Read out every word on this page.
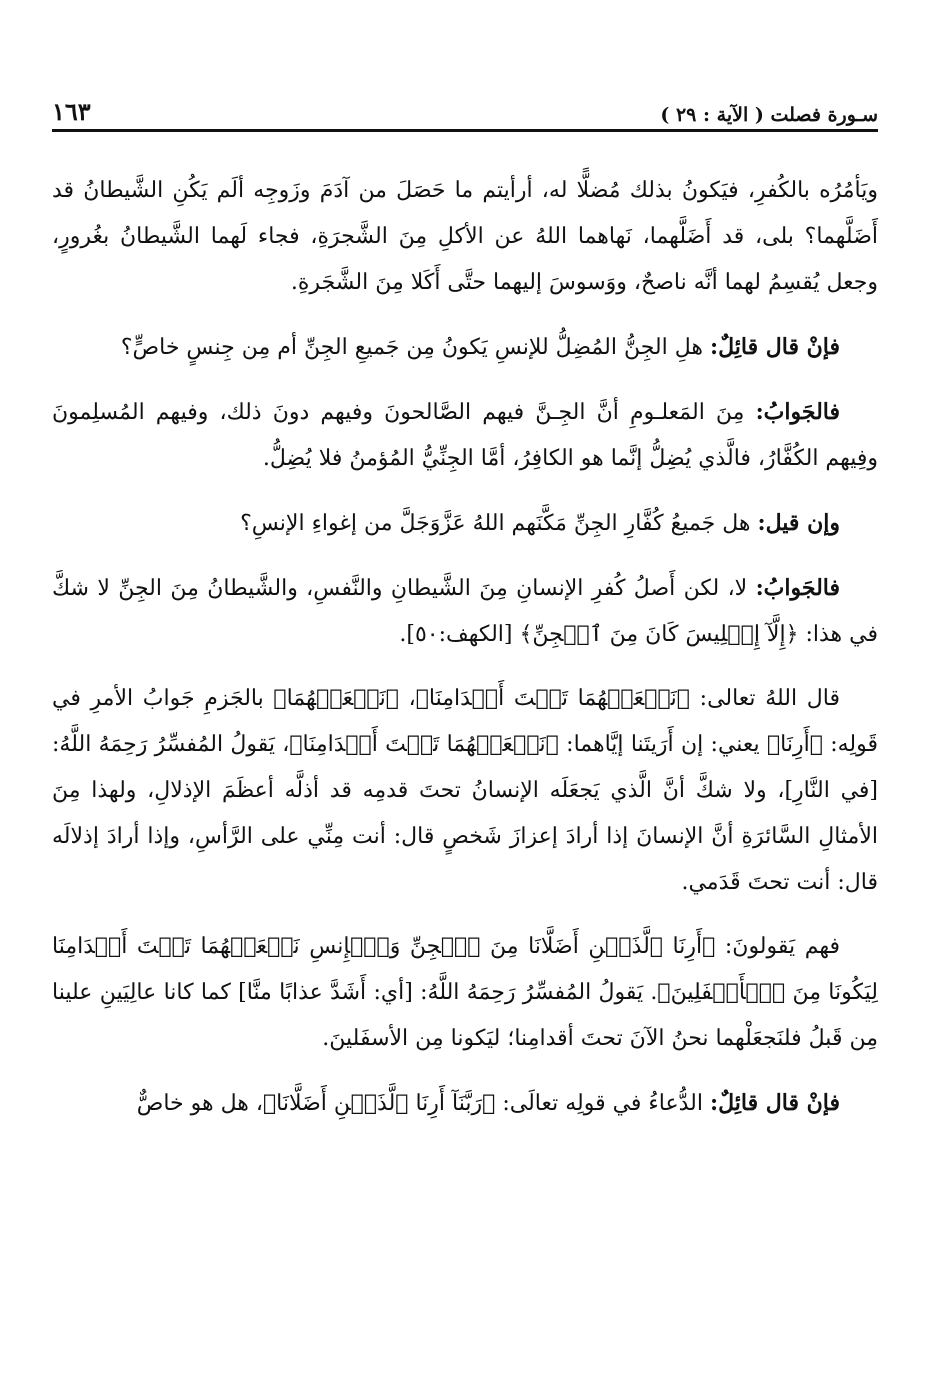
سـورة فصلت ( الآية : ٢٩ )
١٦٣

ويَأمُرُه بالكُفرِ، فيَكونُ بذلك مُضلًّا له، أرأيتم ما حَصَلَ من آدَمَ وزَوجِه ألَم يَكُنِ الشَّيطانُ قد أَضَلَّهما؟ بلى، قد أَضَلَّهما، نَهاهما اللهُ عن الأكلِ مِنَ الشَّجرَةِ، فجاء لَهما الشَّيطانُ بغُرورٍ، وجعل يُقسِمُ لهما أنَّه ناصحٌ، ووَسوسَ إليهما حتَّى أَكَلا مِنَ الشَّجَرةِ.

فإنْ قال قائِلٌ: هلِ الجِنُّ المُضِلُّ للإنسِ يَكونُ مِن جَميعِ الجِنِّ أم مِن جِنسٍ خاصٍّ؟

فالجَوابُ: مِنَ المَعلـومِ أنَّ الجِـنَّ فيهم الصَّالحونَ وفيهم دونَ ذلك، وفيهم المُسلِمونَ وفِيهم الكُفَّارُ، فالَّذي يُضِلُّ إنَّما هو الكافِرُ، أمَّا الجِنِّيُّ المُؤمنُ فلا يُضِلُّ.

وإن قيل: هل جَميعُ كُفَّارِ الجِنِّ مَكَّنَهم اللهُ عَزَّوَجَلَّ من إغواءِ الإنسِ؟

فالجَوابُ: لا، لكن أَصلُ كُفرِ الإنسانِ مِنَ الشَّيطانِ والنَّفسِ، والشَّيطانُ مِنَ الجِنِّ لا شكَّ في هذا: ﴿إِلَّآ إِبۡلِيسَ كَانَ مِنَ ٱلۡجِنِّ﴾ [الكهف:٥٠].

قال اللهُ تعالى: ﴿نَجۡعَلۡهُمَا تَحۡتَ أَقۡدَامِنَا﴾، ﴿نَجۡعَلۡهُمَا﴾ بالجَزمِ جَوابُ الأمرِ في قَولِه: ﴿أَرِنَا﴾ يعني: إن أَرَيتَنا إيَّاهما: ﴿نَجۡعَلۡهُمَا تَحۡتَ أَقۡدَامِنَا﴾، يَقولُ المُفسِّرُ رَحِمَهُ اللَّهُ: [في النَّارِ]، ولا شكَّ أنَّ الَّذي يَجعَلَه الإنسانُ تحتَ قدمِه قد أذلَّه أعظَمَ الإذلالِ، ولهذا مِنَ الأمثالِ السَّائرَةِ أنَّ الإنسانَ إذا أرادَ إعزازَ شَخصٍ قال: أنت مِنِّي على الرَّأسِ، وإذا أرادَ إذلالَه قال: أنت تحتَ قَدَمي.

فهم يَقولونَ: ﴿أَرِنَا ٱلَّذَيۡنِ أَضَلَّانَا مِنَ ٱلۡجِنِّ وَٱلۡإِنسِ نَجۡعَلۡهُمَا تَحۡتَ أَقۡدَامِنَا لِيَكُونَا مِنَ ٱلۡأَسۡفَلِينَ﴾. يَقولُ المُفسِّرُ رَحِمَهُ اللَّهُ: [أي: أَشَدَّ عذابًا منَّا] كما كانا عالِيَينِ علينا مِن قَبلُ فلنَجعَلْهما نحنُ الآنَ تحتَ أقدامِنا؛ ليَكونا مِن الأسفَلينَ.

فإنْ قال قائِلٌ: الدُّعاءُ في قولِه تعالَى: ﴿رَبَّنَآ أَرِنَا ٱلَّذَيۡنِ أَضَلَّانَا﴾، هل هو خاصٌّ
